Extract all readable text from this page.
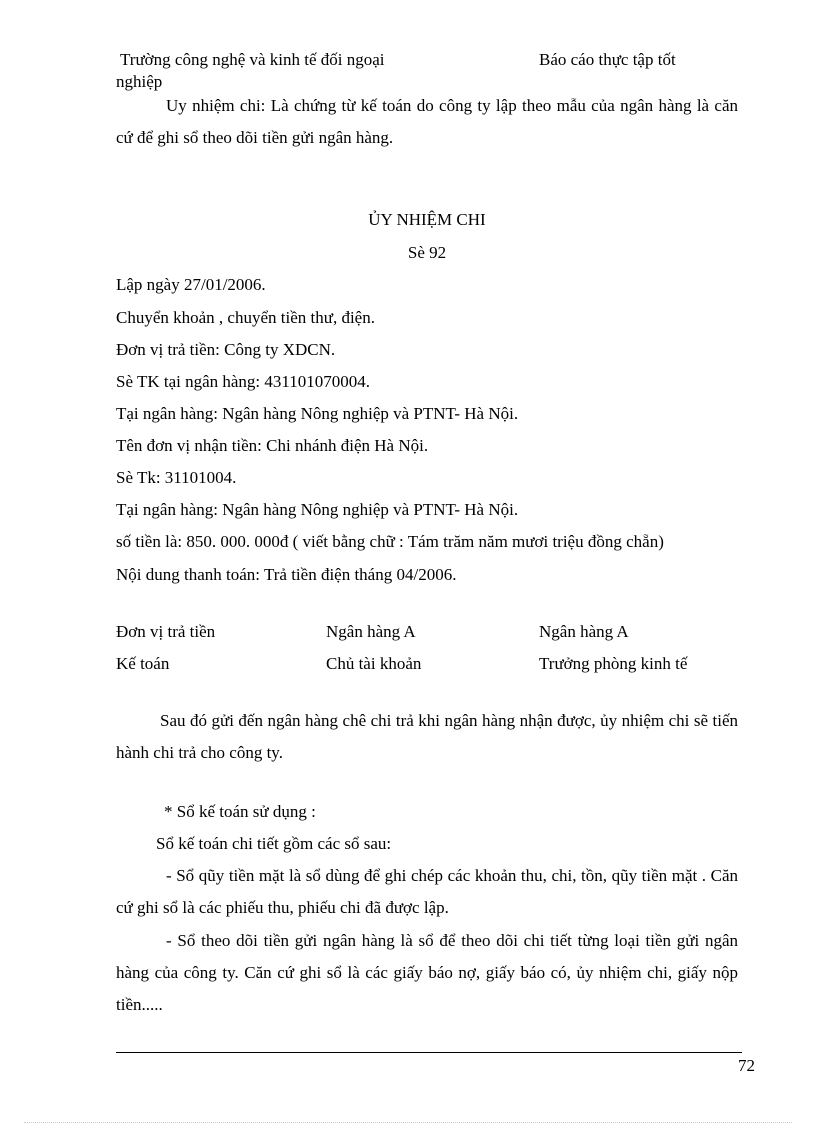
Trường công nghệ và kinh tế đối ngoại
nghiệp
Báo cáo thực tập tốt
Uy nhiệm chi: Là chứng từ kế toán do công ty lập theo mẫu của ngân hàng là căn cứ để ghi sổ theo dõi tiền gửi ngân hàng.
ỦY NHIỆM CHI
Sè 92
Lập ngày 27/01/2006.
Chuyển khoản , chuyển tiền thư, điện.
Đơn vị trả tiền: Công ty XDCN.
Sè TK tại ngân hàng: 431101070004.
Tại ngân hàng: Ngân hàng Nông nghiệp và PTNT- Hà Nội.
Tên đơn vị nhận tiền: Chi nhánh điện Hà Nội.
Sè Tk: 31101004.
Tại ngân hàng: Ngân hàng Nông nghiệp và PTNT- Hà Nội.
số tiền là: 850. 000. 000đ ( viết bằng chữ : Tám trăm năm mươi triệu đồng chẵn)
Nội dung thanh toán: Trả tiền điện tháng 04/2006.
Đơn vị trả tiền	Ngân hàng A	Ngân hàng A
Kế toán	Chủ tài khoản	Trưởng phòng kinh tế
Sau đó gửi đến ngân hàng chê chi trả khi ngân hàng nhận được, ủy nhiệm chi sẽ tiến hành chi trả cho công ty.
* Sổ kế toán sử dụng :
Sổ kế toán chi tiết gồm các sổ sau:
- Sổ qũy tiền mặt là sổ dùng để ghi chép các khoản thu, chi, tồn, qũy tiền mặt . Căn cứ ghi sổ là các phiếu thu, phiếu chi đã được lập.
- Sổ theo dõi tiền gửi ngân hàng là sổ để theo dõi chi tiết từng loại tiền gửi ngân hàng của công ty. Căn cứ ghi sổ là các giấy báo nợ, giấy báo có, ủy nhiệm chi, giấy nộp tiền.....
72
